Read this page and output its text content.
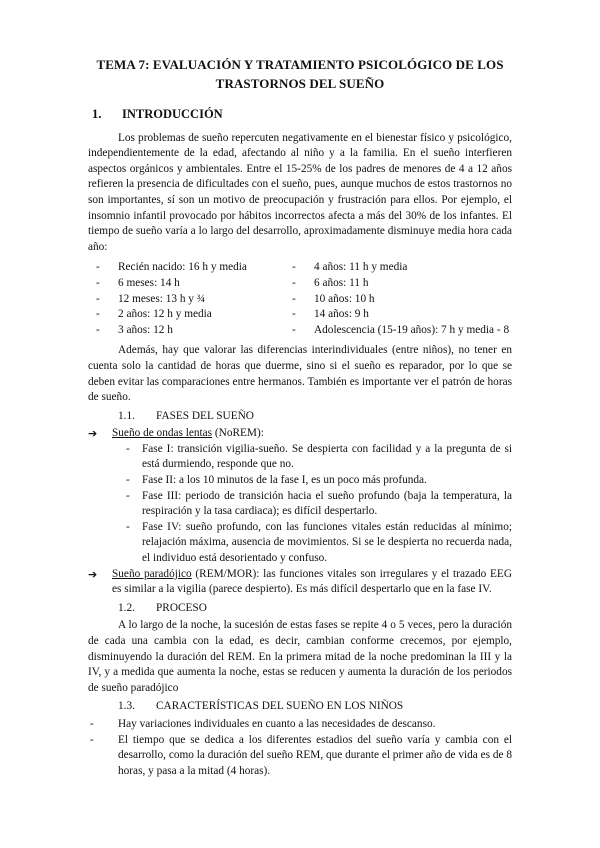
TEMA 7: EVALUACIÓN Y TRATAMIENTO PSICOLÓGICO DE LOS
TRASTORNOS DEL SUEÑO
1.	INTRODUCCIÓN

Los problemas de sueño repercuten negativamente en el bienestar físico y psicológico, independientemente de la edad, afectando al niño y a la familia. En el sueño interfieren aspectos orgánicos y ambientales. Entre el 15-25% de los padres de menores de 4 a 12 años refieren la presencia de dificultades con el sueño, pues, aunque muchos de estos trastornos no son importantes, sí son un motivo de preocupación y frustración para ellos. Por ejemplo, el insomnio infantil provocado por hábitos incorrectos afecta a más del 30% de los infantes. El tiempo de sueño varía a lo largo del desarrollo, aproximadamente disminuye media hora cada año:

-	Recién nacido: 16 h y media
-	6 meses: 14 h
-	12 meses: 13 h y ¾
-	2 años: 12 h y media
-	3 años: 12 h
-	4 años: 11 h y media
-	6 años: 11 h
-	10 años: 10 h
-	14 años: 9 h
-	Adolescencia (15-19 años): 7 h y media - 8

Además, hay que valorar las diferencias interindividuales (entre niños), no tener en cuenta solo la cantidad de horas que duerme, sino si el sueño es reparador, por lo que se deben evitar las comparaciones entre hermanos. También es importante ver el patrón de horas de sueño.

1.1.	FASES DEL SUEÑO
➔	Sueño de ondas lentas (NoREM):
-	Fase I: transición vigilia-sueño. Se despierta con facilidad y a la pregunta de si está durmiendo, responde que no.
-	Fase II: a los 10 minutos de la fase I, es un poco más profunda.
-	Fase III: periodo de transición hacia el sueño profundo (baja la temperatura, la respiración y la tasa cardiaca); es difícil despertarlo.
-	Fase IV: sueño profundo, con las funciones vitales están reducidas al mínimo; relajación máxima, ausencia de movimientos. Si se le despierta no recuerda nada, el individuo está desorientado y confuso.
➔	Sueño paradójico (REM/MOR): las funciones vitales son irregulares y el trazado EEG es similar a la vigilia (parece despierto). Es más difícil despertarlo que en la fase IV.
1.2.	PROCESO

A lo largo de la noche, la sucesión de estas fases se repite 4 o 5 veces, pero la duración de cada una cambia con la edad, es decir, cambian conforme crecemos, por ejemplo, disminuyendo la duración del REM. En la primera mitad de la noche predominan la III y la IV, y a medida que aumenta la noche, estas se reducen y aumenta la duración de los periodos de sueño paradójico

1.3.	CARACTERÍSTICAS DEL SUEÑO EN LOS NIÑOS
-	Hay variaciones individuales en cuanto a las necesidades de descanso.
-	El tiempo que se dedica a los diferentes estadios del sueño varía y cambia con el desarrollo, como la duración del sueño REM, que durante el primer año de vida es de 8 horas, y pasa a la mitad (4 horas).
